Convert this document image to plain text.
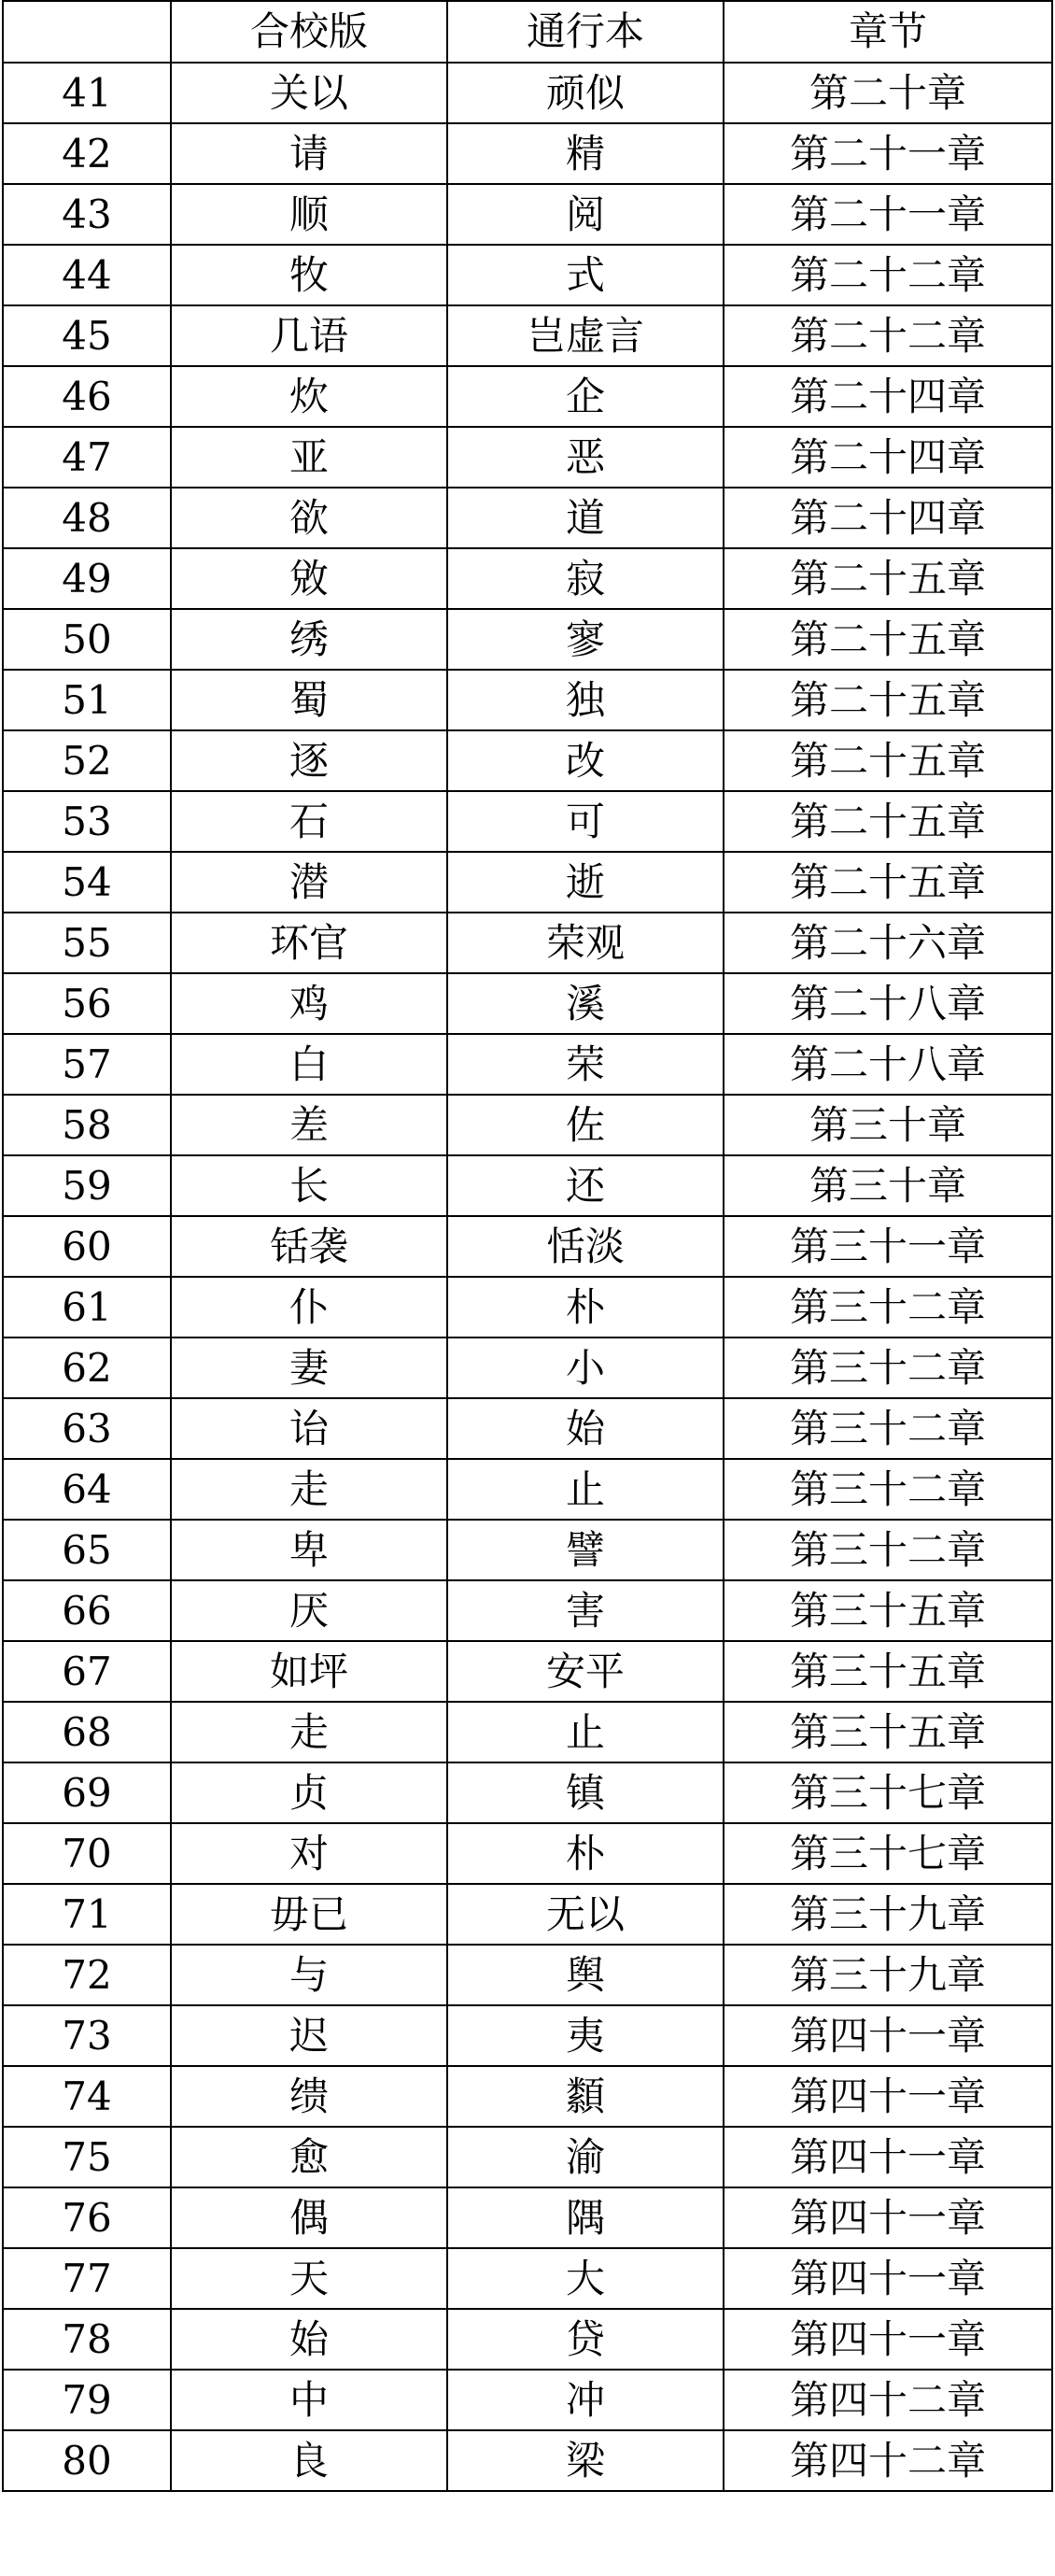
	合校版	通行本	章节
41	关以	顽似	第二十章
42	请	精	第二十一章
43	顺	阅	第二十一章
44	牧	式	第二十二章
45	几语	岂虚言	第二十二章
46	炊	企	第二十四章
47	亚	恶	第二十四章
48	欲	道	第二十四章
49	敓	寂	第二十五章
50	绣	寥	第二十五章
51	蜀	独	第二十五章
52	逐	改	第二十五章
53	石	可	第二十五章
54	潜	逝	第二十五章
55	环官	荣观	第二十六章
56	鸡	溪	第二十八章
57	白	荣	第二十八章
58	差	佐	第三十章
59	长	还	第三十章
60	铦袭	恬淡	第三十一章
61	仆	朴	第三十二章
62	妻	小	第三十二章
63	诒	始	第三十二章
64	走	止	第三十二章
65	卑	譬	第三十二章
66	厌	害	第三十五章
67	如坪	安平	第三十五章
68	走	止	第三十五章
69	贞	镇	第三十七章
70	对	朴	第三十七章
71	毋已	无以	第三十九章
72	与	舆	第三十九章
73	迟	夷	第四十一章
74	缋	纇	第四十一章
75	愈	渝	第四十一章
76	偶	隅	第四十一章
77	天	大	第四十一章
78	始	贷	第四十一章
79	中	冲	第四十二章
80	良	梁	第四十二章
